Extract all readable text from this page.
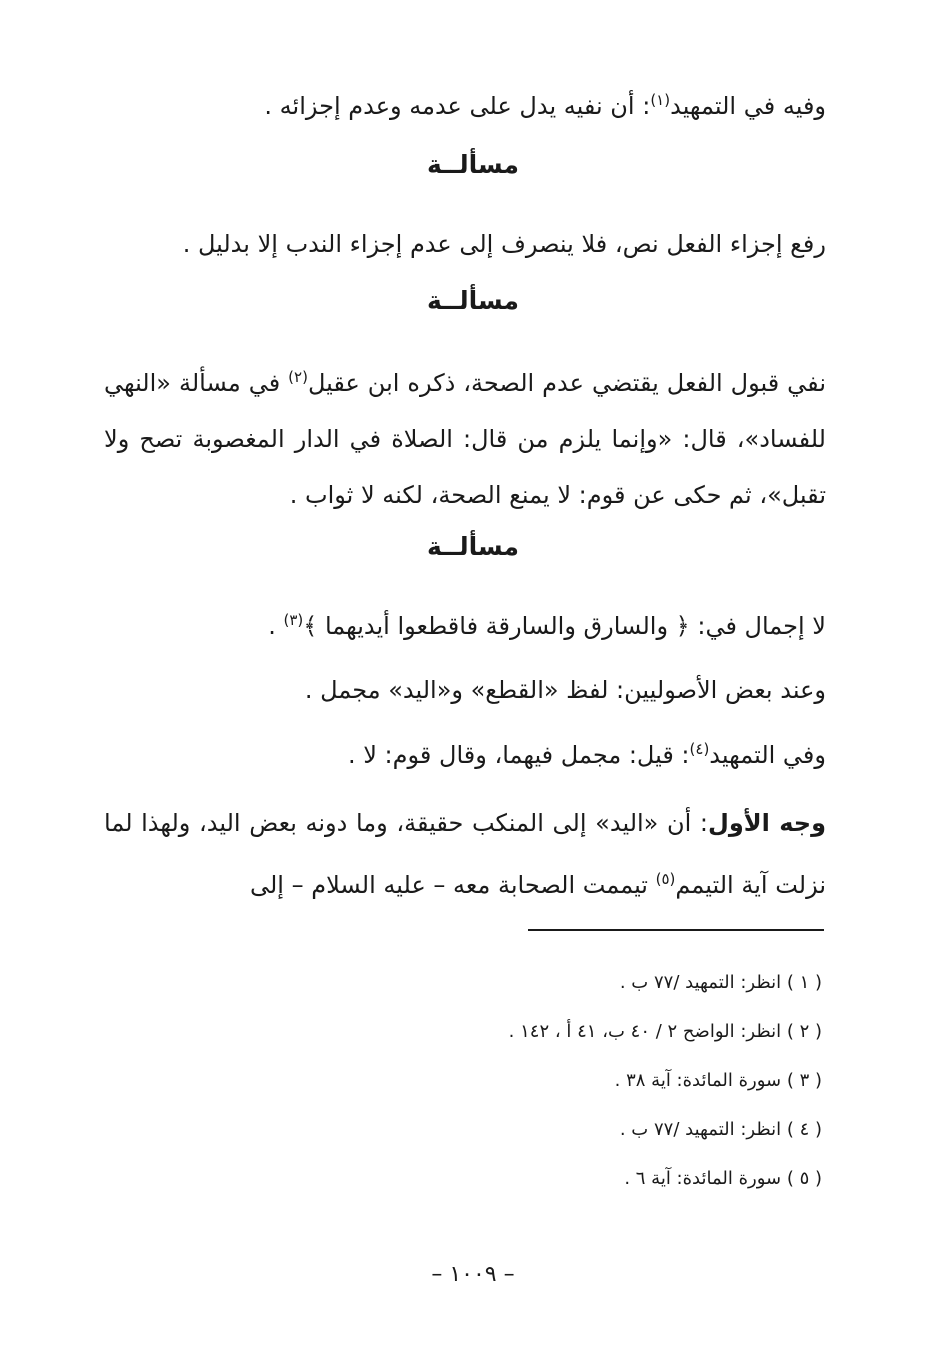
وفيه في التمهيد$^{(١)}$: أن نفيه يدل على عدمه وعدم إجزائه .
مسألــة
رفع إجزاء الفعل نص، فلا ينصرف إلى عدم إجزاء الندب إلا بدليل .
مسألــة
نفي قبول الفعل يقتضي عدم الصحة، ذكره ابن عقيل$^{(٢)}$ في مسألة «النهي للفساد»، قال: «وإنما يلزم من قال: الصلاة في الدار المغصوبة تصح ولا تقبل»، ثم حكى عن قوم: لا يمنع الصحة، لكنه لا ثواب .
مسألــة
لا إجمال في: ﴿ والسارق والسارقة فاقطعوا أيديهما ﴾$^{(٣)}$ .
وعند بعض الأصوليين: لفظ «القطع» و«اليد» مجمل .
وفي التمهيد$^{(٤)}$: قيل: مجمل فيهما، وقال قوم: لا .
وجه الأول: أن «اليد» إلى المنكب حقيقة، وما دونه بعض اليد، ولهذا لما نزلت آية التيمم$^{(٥)}$ تيممت الصحابة معه – عليه السلام – إلى
( ١ ) انظر: التمهيد /٧٧ ب .
( ٢ ) انظر: الواضح ٢ / ٤٠ ب، ٤١ أ ، ١٤٢ .
( ٣ ) سورة المائدة: آية ٣٨ .
( ٤ ) انظر: التمهيد /٧٧ ب .
( ٥ ) سورة المائدة: آية ٦ .
– ١٠٠٩ –
